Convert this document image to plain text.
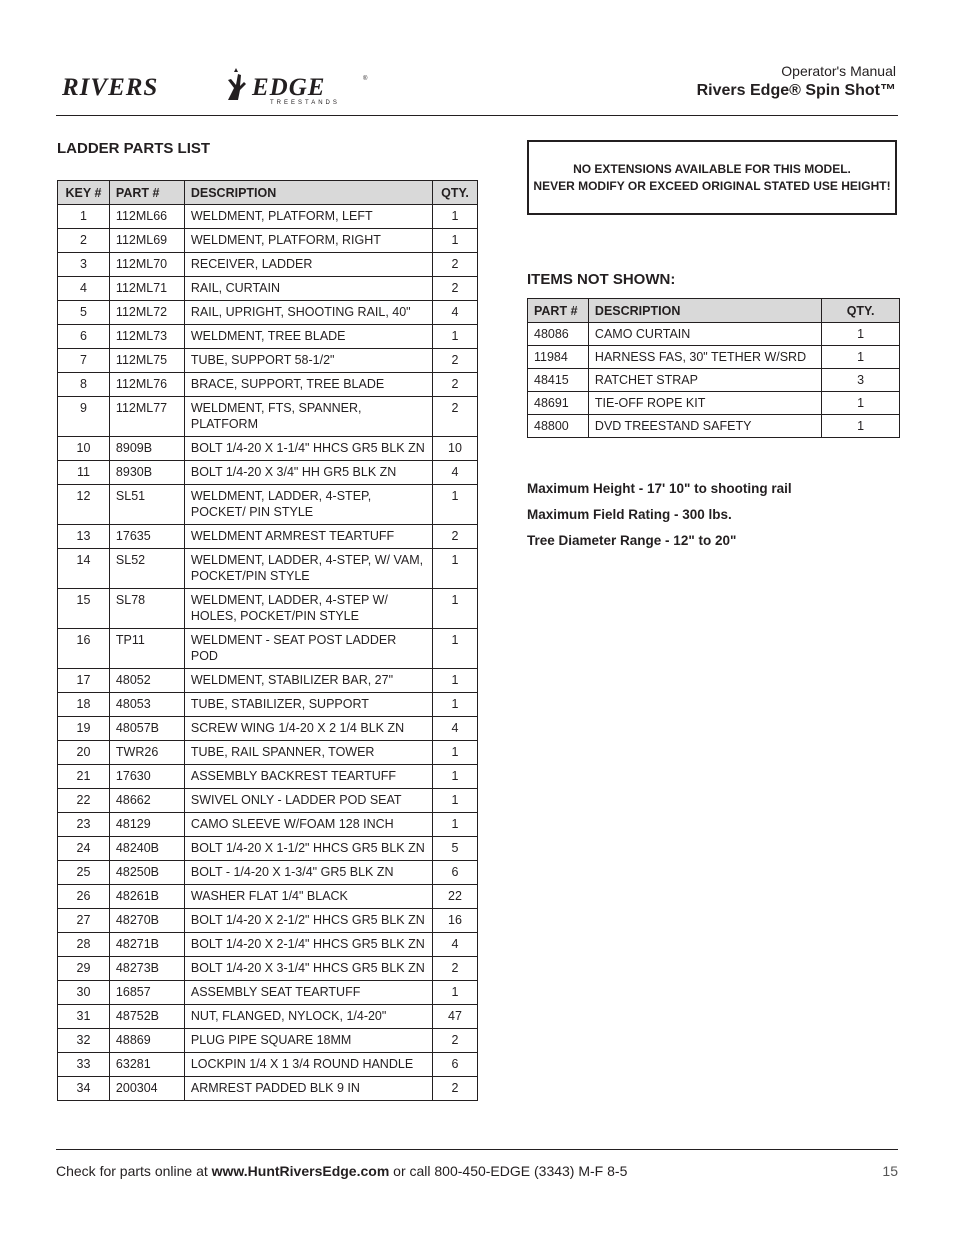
RIVERS	EDGE
TREESTANDS
®	Operator's Manual
Rivers Edge® Spin Shot™
LADDER PARTS LIST
KEY #	PART #	DESCRIPTION	QTY.
1	112ML66	WELDMENT, PLATFORM, LEFT	1
2	112ML69	WELDMENT, PLATFORM, RIGHT	1
3	112ML70	RECEIVER, LADDER	2
4	112ML71	RAIL, CURTAIN	2
5	112ML72	RAIL, UPRIGHT, SHOOTING RAIL, 40"	4
6	112ML73	WELDMENT, TREE BLADE	1
7	112ML75	TUBE, SUPPORT 58-1/2"	2
8	112ML76	BRACE, SUPPORT, TREE BLADE	2
9	112ML77	WELDMENT, FTS, SPANNER, PLATFORM	2
10	8909B	BOLT 1/4-20 X 1-1/4" HHCS GR5 BLK ZN	10
11	8930B	BOLT 1/4-20 X 3/4" HH GR5 BLK ZN	4
12	SL51	WELDMENT, LADDER, 4-STEP, POCKET/ PIN STYLE	1
13	17635	WELDMENT ARMREST TEARTUFF	2
14	SL52	WELDMENT, LADDER, 4-STEP, W/ VAM, POCKET/PIN STYLE	1
15	SL78	WELDMENT, LADDER, 4-STEP W/ HOLES, POCKET/PIN STYLE	1
16	TP11	WELDMENT - SEAT POST LADDER POD	1
17	48052	WELDMENT, STABILIZER BAR, 27"	1
18	48053	TUBE, STABILIZER, SUPPORT	1
19	48057B	SCREW WING 1/4-20 X 2 1/4 BLK ZN	4
20	TWR26	TUBE, RAIL SPANNER, TOWER	1
21	17630	ASSEMBLY BACKREST TEARTUFF	1
22	48662	SWIVEL ONLY - LADDER POD SEAT	1
23	48129	CAMO SLEEVE W/FOAM 128 INCH	1
24	48240B	BOLT 1/4-20 X 1-1/2" HHCS GR5 BLK ZN	5
25	48250B	BOLT - 1/4-20 X 1-3/4" GR5 BLK ZN	6
26	48261B	WASHER FLAT 1/4" BLACK	22
27	48270B	BOLT 1/4-20 X 2-1/2" HHCS GR5 BLK ZN	16
28	48271B	BOLT 1/4-20 X 2-1/4" HHCS GR5 BLK ZN	4
29	48273B	BOLT 1/4-20 X 3-1/4" HHCS GR5 BLK ZN	2
30	16857	ASSEMBLY SEAT TEARTUFF	1
31	48752B	NUT, FLANGED, NYLOCK, 1/4-20"	47
32	48869	PLUG PIPE SQUARE 18MM	2
33	63281	LOCKPIN 1/4 X 1 3/4 ROUND HANDLE	6
34	200304	ARMREST PADDED BLK 9 IN	2
NO EXTENSIONS AVAILABLE FOR THIS MODEL.
NEVER MODIFY OR EXCEED ORIGINAL STATED USE HEIGHT!
ITEMS NOT SHOWN:
PART #	DESCRIPTION	QTY.
48086	CAMO CURTAIN	1
11984	HARNESS FAS, 30" TETHER W/SRD	1
48415	RATCHET STRAP	3
48691	TIE-OFF ROPE KIT	1
48800	DVD TREESTAND SAFETY	1
Maximum Height - 17' 10" to shooting rail
Maximum Field Rating - 300 lbs.
Tree Diameter Range - 12" to 20"
Check for parts online at www.HuntRiversEdge.com or call 800-450-EDGE (3343) M-F 8-5	15
